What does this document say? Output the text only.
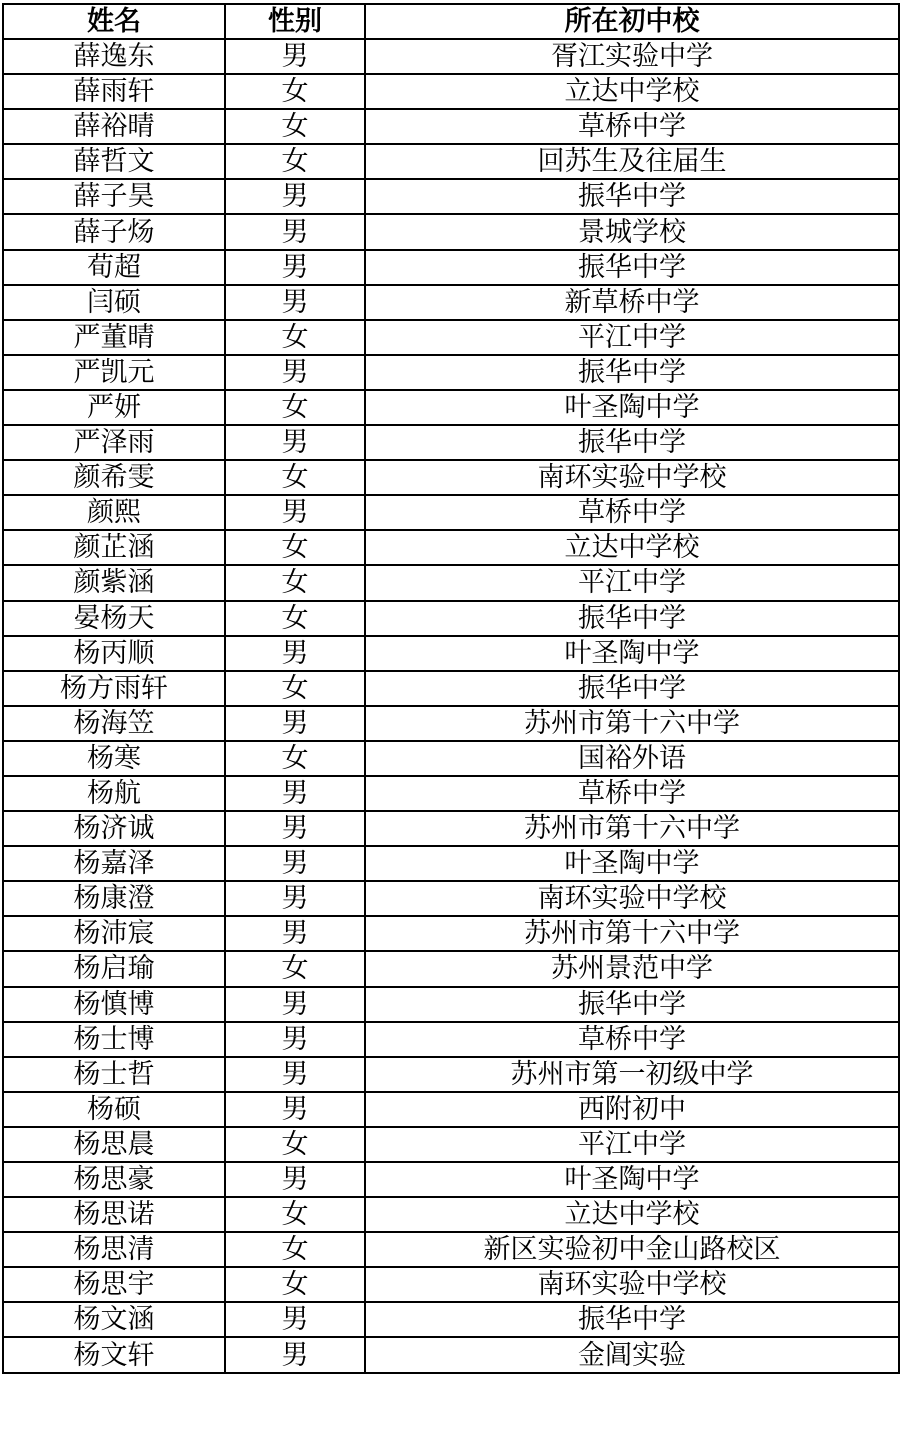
姓名	性别	所在初中校
薛逸东	男	胥江实验中学
薛雨轩	女	立达中学校
薛裕晴	女	草桥中学
薛哲文	女	回苏生及往届生
薛子昊	男	振华中学
薛子炀	男	景城学校
荀超	男	振华中学
闫硕	男	新草桥中学
严董晴	女	平江中学
严凯元	男	振华中学
严妍	女	叶圣陶中学
严泽雨	男	振华中学
颜希雯	女	南环实验中学校
颜熙	男	草桥中学
颜芷涵	女	立达中学校
颜紫涵	女	平江中学
晏杨天	女	振华中学
杨丙顺	男	叶圣陶中学
杨方雨轩	女	振华中学
杨海笠	男	苏州市第十六中学
杨寒	女	国裕外语
杨航	男	草桥中学
杨济诚	男	苏州市第十六中学
杨嘉泽	男	叶圣陶中学
杨康澄	男	南环实验中学校
杨沛宸	男	苏州市第十六中学
杨启瑜	女	苏州景范中学
杨慎博	男	振华中学
杨士博	男	草桥中学
杨士哲	男	苏州市第一初级中学
杨硕	男	西附初中
杨思晨	女	平江中学
杨思豪	男	叶圣陶中学
杨思诺	女	立达中学校
杨思清	女	新区实验初中金山路校区
杨思宇	女	南环实验中学校
杨文涵	男	振华中学
杨文轩	男	金阊实验
